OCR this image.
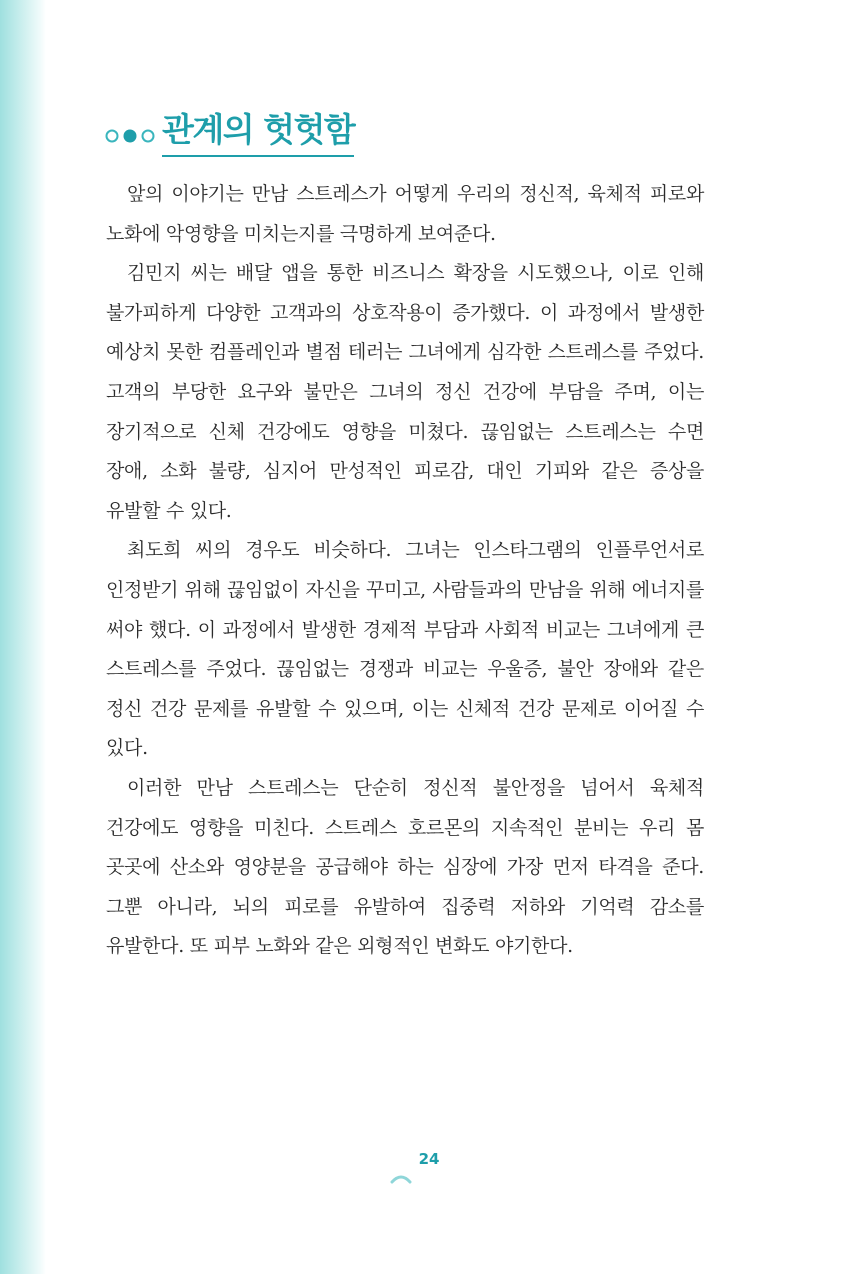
관계의 헛헛함

앞의 이야기는 만남 스트레스가 어떻게 우리의 정신적, 육체적 피로와 노화에 악영향을 미치는지를 극명하게 보여준다.

김민지 씨는 배달 앱을 통한 비즈니스 확장을 시도했으나, 이로 인해 불가피하게 다양한 고객과의 상호작용이 증가했다. 이 과정에서 발생한 예상치 못한 컴플레인과 별점 테러는 그녀에게 심각한 스트레스를 주었다. 고객의 부당한 요구와 불만은 그녀의 정신 건강에 부담을 주며, 이는 장기적으로 신체 건강에도 영향을 미쳤다. 끊임없는 스트레스는 수면 장애, 소화 불량, 심지어 만성적인 피로감, 대인 기피와 같은 증상을 유발할 수 있다.

최도희 씨의 경우도 비슷하다. 그녀는 인스타그램의 인플루언서로 인정받기 위해 끊임없이 자신을 꾸미고, 사람들과의 만남을 위해 에너지를 써야 했다. 이 과정에서 발생한 경제적 부담과 사회적 비교는 그녀에게 큰 스트레스를 주었다. 끊임없는 경쟁과 비교는 우울증, 불안 장애와 같은 정신 건강 문제를 유발할 수 있으며, 이는 신체적 건강 문제로 이어질 수 있다.

이러한 만남 스트레스는 단순히 정신적 불안정을 넘어서 육체적 건강에도 영향을 미친다. 스트레스 호르몬의 지속적인 분비는 우리 몸 곳곳에 산소와 영양분을 공급해야 하는 심장에 가장 먼저 타격을 준다. 그뿐 아니라, 뇌의 피로를 유발하여 집중력 저하와 기억력 감소를 유발한다. 또 피부 노화와 같은 외형적인 변화도 야기한다.

24
